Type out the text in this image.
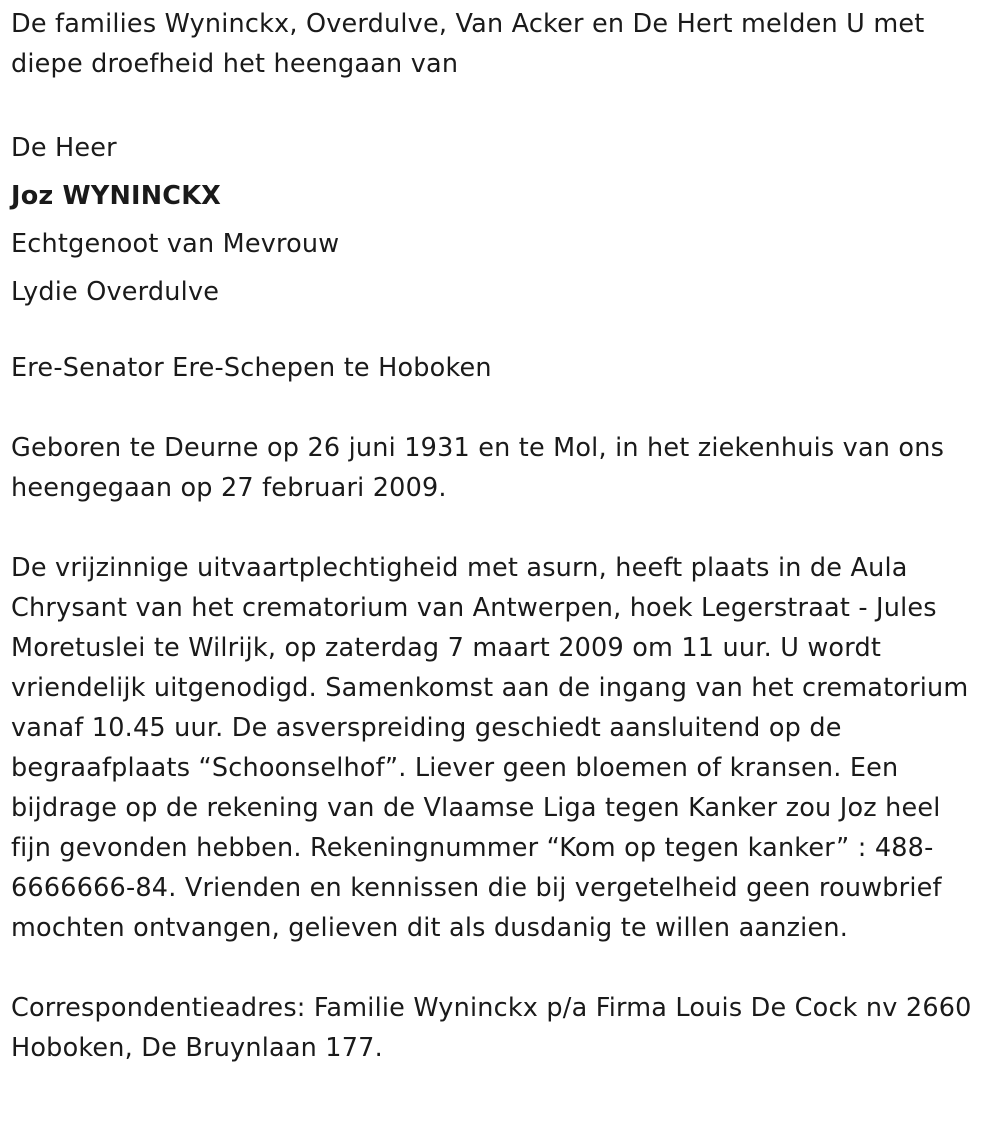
De families Wyninckx, Overdulve, Van Acker en De Hert melden U met diepe droefheid het heengaan van

De Heer
Joz WYNINCKX
Echtgenoot van Mevrouw
Lydie Overdulve

Ere-Senator Ere-Schepen te Hoboken

Geboren te Deurne op 26 juni 1931 en te Mol, in het ziekenhuis van ons heengegaan op 27 februari 2009.

De vrijzinnige uitvaartplechtigheid met asurn, heeft plaats in de Aula Chrysant van het crematorium van Antwerpen, hoek Legerstraat - Jules Moretuslei te Wilrijk, op zaterdag 7 maart 2009 om 11 uur. U wordt vriendelijk uitgenodigd. Samenkomst aan de ingang van het crematorium vanaf 10.45 uur. De asverspreiding geschiedt aansluitend op de begraafplaats “Schoonselhof”. Liever geen bloemen of kransen. Een bijdrage op de rekening van de Vlaamse Liga tegen Kanker zou Joz heel fijn gevonden hebben. Rekeningnummer “Kom op tegen kanker” : 488-6666666-84. Vrienden en kennissen die bij vergetelheid geen rouwbrief mochten ontvangen, gelieven dit als dusdanig te willen aanzien.

Correspondentieadres: Familie Wyninckx p/a Firma Louis De Cock nv 2660 Hoboken, De Bruynlaan 177.
